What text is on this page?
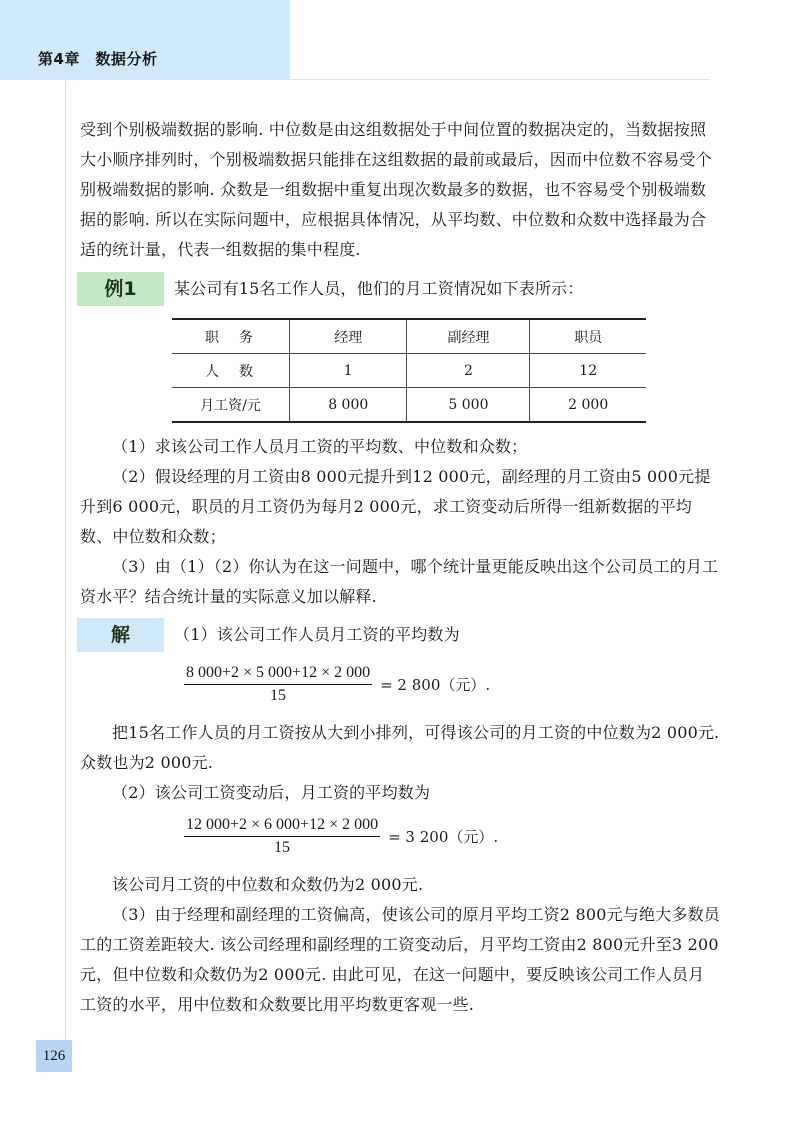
第4章　数据分析

受到个别极端数据的影响. 中位数是由这组数据处于中间位置的数据决定的，当数据按照大小顺序排列时，个别极端数据只能排在这组数据的最前或最后，因而中位数不容易受个别极端数据的影响. 众数是一组数据中重复出现次数最多的数据，也不容易受个别极端数据的影响. 所以在实际问题中，应根据具体情况，从平均数、中位数和众数中选择最为合适的统计量，代表一组数据的集中程度.

例1	某公司有15名工作人员，他们的月工资情况如下表所示：

职　务	经理	副经理	职员
人　数	1	2	12
月工资/元	8 000	5 000	2 000

（1）求该公司工作人员月工资的平均数、中位数和众数；

（2）假设经理的月工资由8 000元提升到12 000元，副经理的月工资由5 000元提升到6 000元，职员的月工资仍为每月2 000元，求工资变动后所得一组新数据的平均数、中位数和众数；

（3）由（1）（2）你认为在这一问题中，哪个统计量更能反映出这个公司员工的月工资水平？结合统计量的实际意义加以解释.

解	（1）该公司工作人员月工资的平均数为

$\frac{8 000+2 \times 5 000+12 \times 2 000}{15} = 2$ 800（元）.

把15名工作人员的月工资按从大到小排列，可得该公司的月工资的中位数为2 000元. 众数也为2 000元.

（2）该公司工资变动后，月工资的平均数为

$\frac{12 000+2 \times 6 000+12 \times 2 000}{15} = 3$ 200（元）.

该公司月工资的中位数和众数仍为2 000元.

（3）由于经理和副经理的工资偏高，使该公司的原月平均工资2 800元与绝大多数员工的工资差距较大. 该公司经理和副经理的工资变动后，月平均工资由2 800元升至3 200元，但中位数和众数仍为2 000元. 由此可见，在这一问题中，要反映该公司工作人员月工资的水平，用中位数和众数要比用平均数更客观一些.

126
